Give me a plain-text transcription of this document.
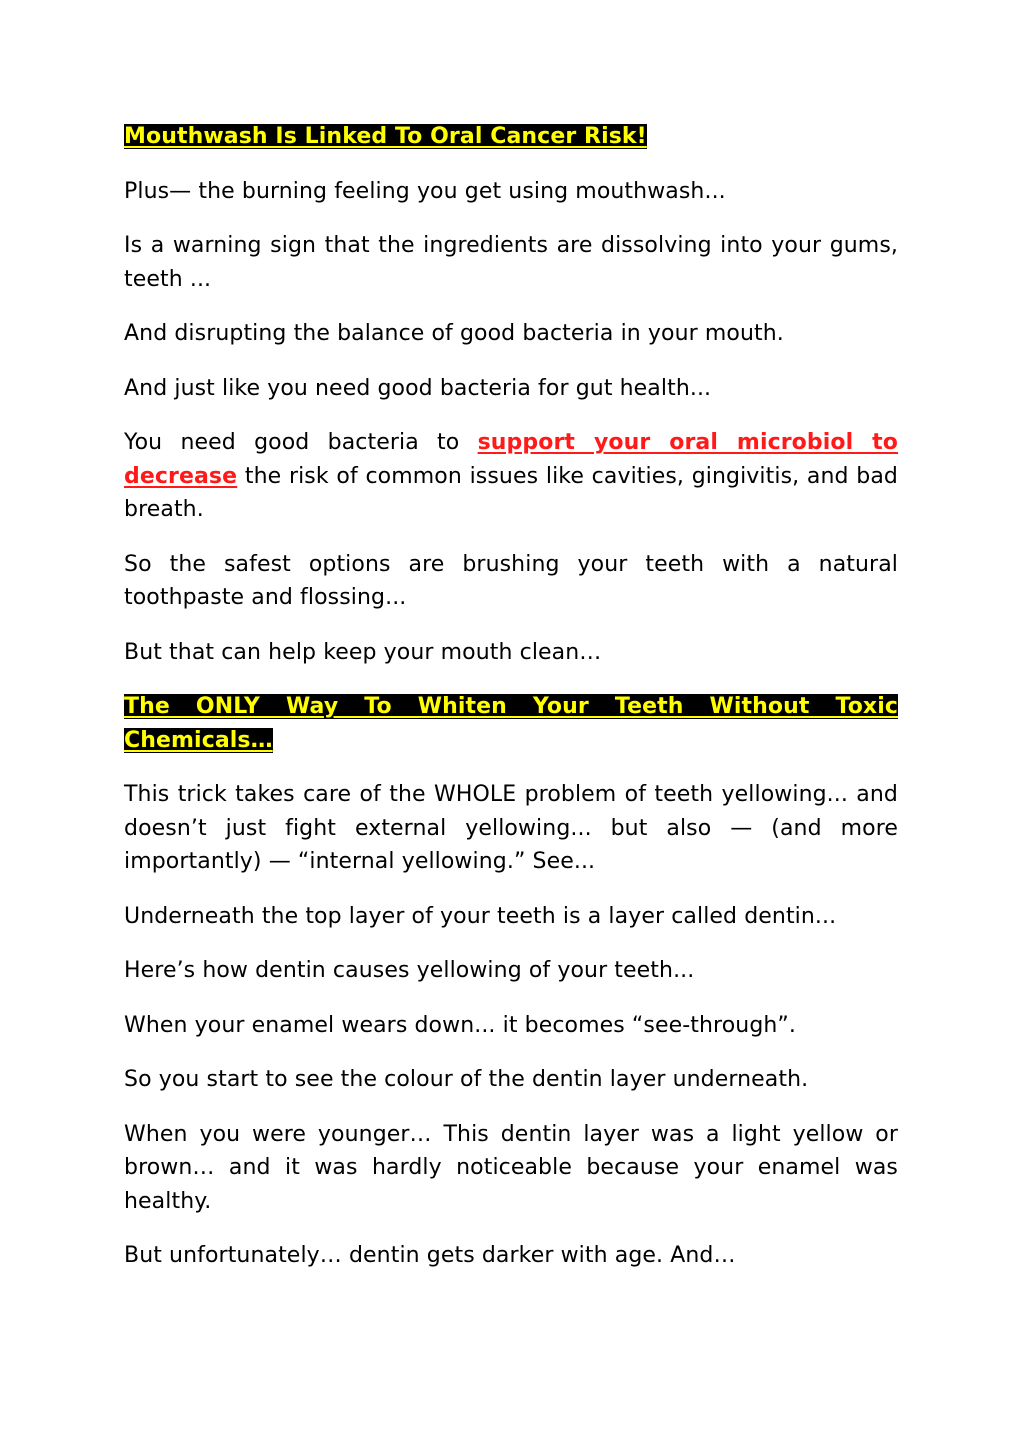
Mouthwash Is Linked To Oral Cancer Risk!

Plus— the burning feeling you get using mouthwash...

Is a warning sign that the ingredients are dissolving into your gums, teeth ...

And disrupting the balance of good bacteria in your mouth.

And just like you need good bacteria for gut health...

You need good bacteria to support your oral microbiol to decrease the risk of common issues like cavities, gingivitis, and bad breath.

So the safest options are brushing your teeth with a natural toothpaste and flossing...

But that can help keep your mouth clean…

The ONLY Way To Whiten Your Teeth Without Toxic Chemicals…

This trick takes care of the WHOLE problem of teeth yellowing... and doesn’t just fight external yellowing... but also — (and more importantly) — “internal yellowing.” See...

Underneath the top layer of your teeth is a layer called dentin...

Here’s how dentin causes yellowing of your teeth...

When your enamel wears down... it becomes “see-through”.

So you start to see the colour of the dentin layer underneath.

When you were younger… This dentin layer was a light yellow or brown… and it was hardly noticeable because your enamel was healthy.

But unfortunately… dentin gets darker with age. And…
